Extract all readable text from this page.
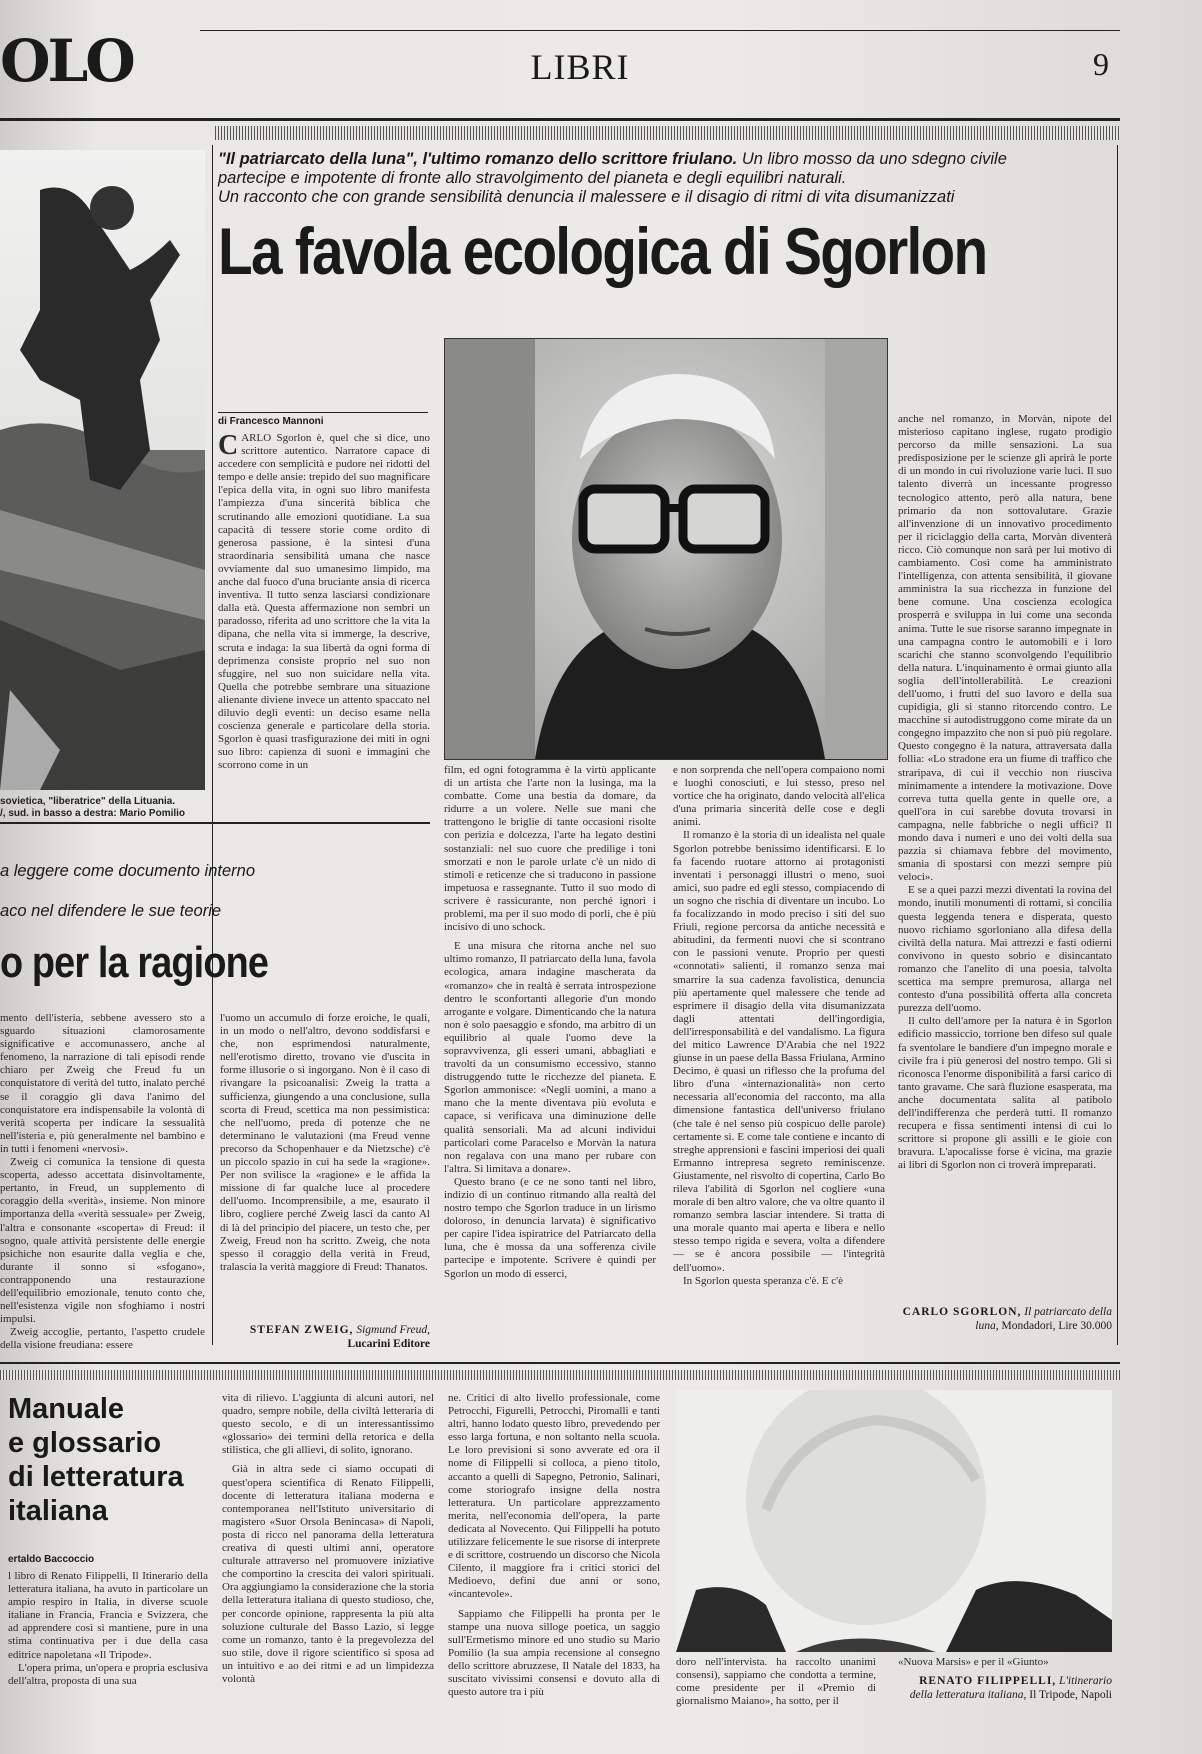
OLO	LIBRI	9
sovietica, "liberatrice" della Lituania.
/, sud. in basso a destra: Mario Pomilio
"Il patriarcato della luna", l'ultimo romanzo dello scrittore friulano. Un libro mosso da uno sdegno civile
partecipe e impotente di fronte allo stravolgimento del pianeta e degli equilibri naturali.
Un racconto che con grande sensibilità denuncia il malessere e il disagio di ritmi di vita disumanizzati
La favola ecologica di Sgorlon
di Francesco Mannoni

CARLO Sgorlon è, quel che si dice, uno scrittore autentico. Narratore capace di accedere con semplicità e pudore nei ridotti del tempo e delle ansie: trepido del suo magnificare l'epica della vita, in ogni suo libro manifesta l'ampiezza d'una sincerità biblica che scrutinando alle emozioni quotidiane. La sua capacità di tessere storie come ordito di generosa passione, è la sintesi d'una straordinaria sensibilità umana che nasce ovviamente dal suo umanesimo limpido, ma anche dal fuoco d'una bruciante ansia di ricerca inventiva. Il tutto senza lasciarsi condizionare dalla età. Questa affermazione non sembri un paradosso, riferita ad uno scrittore che la vita la dipana, che nella vita si immerge, la descrive, scruta e indaga: la sua libertà da ogni forma di deprimenza consiste proprio nel suo non sfuggire, nel suo non suicidare nella vita. Quella che potrebbe sembrare una situazione alienante diviene invece un attento spaccato nel diluvio degli eventi: un deciso esame nella coscienza generale e particolare della storia. Sgorlon è quasi trasfigurazione dei miti in ogni suo libro: capienza di suoni e immagini che scorrono come in un	film, ed ogni fotogramma è la virtù applicante di un artista che l'arte non la lusinga, ma la combatte. Come una bestia da domare, da ridurre a un volere. Nelle sue mani che trattengono le briglie di tante occasioni risolte con perizia e dolcezza, l'arte ha legato destini sostanziali: nel suo cuore che predilige i toni smorzati e non le parole urlate c'è un nido di stimoli e reticenze che si traducono in passione impetuosa e rassegnante. Tutto il suo modo di scrivere è rassicurante, non perché ignori i problemi, ma per il suo modo di porli, che è più incisivo di uno schock.

E una misura che ritorna anche nel suo ultimo romanzo, Il patriarcato della luna, favola ecologica, amara indagine mascherata da «romanzo» che in realtà è serrata introspezione dentro le sconfortanti allegorie d'un mondo arrogante e volgare. Dimenticando che la natura non è solo paesaggio e sfondo, ma arbitro di un equilibrio al quale l'uomo deve la sopravvivenza, gli esseri umani, abbagliati e travolti da un consumismo eccessivo, stanno distruggendo tutte le ricchezze del pianeta. E Sgorlon ammonisce: «Negli uomini, a mano a mano che la mente diventava più evoluta e capace, si verificava una diminuzione delle qualità sensoriali. Ma ad alcuni individui particolari come Paracelso e Morvàn la natura non regalava con una mano per rubare con l'altra. Si limitava a donare».

Questo brano (e ce ne sono tanti nel libro, indizio di un continuo ritmando alla realtà del nostro tempo che Sgorlon traduce in un lirismo doloroso, in denuncia larvata) è significativo per capire l'idea ispiratrice del Patriarcato della luna, che è mossa da una sofferenza civile partecipe e impotente. Scrivere è quindi per Sgorlon un modo di esserci,

e non sorprenda che nell'opera compaiono nomi e luoghi conosciuti, e lui stesso, preso nel vortice che ha originato, dando velocità all'elica d'una primaria sincerità delle cose e degli animi.

Il romanzo è la storia di un idealista nel quale Sgorlon potrebbe benissimo identificarsi. E lo fa facendo ruotare attorno ai protagonisti inventati i personaggi illustri o meno, suoi amici, suo padre ed egli stesso, compiacendo di un sogno che rischia di diventare un incubo. Lo fa focalizzando in modo preciso i siti del suo Friuli, regione percorsa da antiche necessità e abitudini, da fermenti nuovi che si scontrano con le passioni venute. Proprio per questi «connotati» salienti, il romanzo senza mai smarrire la sua cadenza favolistica, denuncia più apertamente quel malessere che tende ad esprimere il disagio della vita disumanizzata dagli attentati dell'ingordigia, dell'irresponsabilità e del vandalismo. La figura del mitico Lawrence D'Arabia che nel 1922 giunse in un paese della Bassa Friulana, Armino Decimo, è quasi un riflesso che la profuma del libro d'una «internazionalità» non certo necessaria all'economia del racconto, ma alla dimensione fantastica dell'universo friulano (che tale è nel senso più cospicuo delle parole) certamente sì. E come tale contiene e incanto di streghe apprensioni e fascini imperiosi dei quali Ermanno intrepresa segreto reminiscenze. Giustamente, nel risvolto di copertina, Carlo Bo rileva l'abilità di Sgorlon nel cogliere «una morale di ben altro valore, che va oltre quanto il romanzo sembra lasciar intendere. Si tratta di una morale quanto mai aperta e libera e nello stesso tempo rigida e severa, volta a difendere — se è ancora possibile — l'integrità dell'uomo».

In Sgorlon questa speranza c'è. E c'è

anche nel romanzo, in Morvàn, nipote del misterioso capitano inglese, rugato prodigio percorso da mille sensazioni. La sua predisposizione per le scienze gli aprirà le porte di un mondo in cui rivoluzione varie luci. Il suo talento diverrà un incessante progresso tecnologico attento, però alla natura, bene primario da non sottovalutare. Grazie all'invenzione di un innovativo procedimento per il riciclaggio della carta, Morvàn diventerà ricco. Ciò comunque non sarà per lui motivo di cambiamento. Così come ha amministrato l'intelligenza, con attenta sensibilità, il giovane amministra la sua ricchezza in funzione del bene comune. Una coscienza ecologica prosperrà e sviluppa in lui come una seconda anima. Tutte le sue risorse saranno impegnate in una campagna contro le automobili e i loro scarichi che stanno sconvolgendo l'equilibrio della natura. L'inquinamento è ormai giunto alla soglia dell'intollerabilità. Le creazioni dell'uomo, i frutti del suo lavoro e della sua cupidigia, gli si stanno ritorcendo contro. Le macchine si autodistruggono come mirate da un congegno impazzito che non si può più regolare. Questo congegno è la natura, attraversata dalla follia: «Lo stradone era un fiume di traffico che straripava, di cui il vecchio non riusciva minimamente a intendere la motivazione. Dove correva tutta quella gente in quelle ore, a quell'ora in cui sarebbe dovuta trovarsi in campagna, nelle fabbriche o negli uffici? Il mondo dava i numeri e uno dei volti della sua pazzia si chiamava febbre del movimento, smania di spostarsi con mezzi sempre più veloci».

E se a quei pazzi mezzi diventati la rovina del mondo, inutili monumenti di rottami, si concilia questa leggenda tenera e disperata, questo nuovo richiamo sgorloniano alla difesa della civiltà della natura. Mai attrezzi e fasti odierni convivono in questo sobrio e disincantato romanzo che l'anelito di una poesia, talvolta scettica ma sempre premurosa, allarga nel contesto d'una possibilità offerta alla concreta purezza dell'uomo.

Il culto dell'amore per la natura è in Sgorlon edificio massiccio, torrione ben difeso sul quale fa sventolare le bandiere d'un impegno morale e civile fra i più generosi del nostro tempo. Gli si riconosca l'enorme disponibilità a farsi carico di tanto gravame. Che sarà fluzione esasperata, ma anche documentata salita al patibolo dell'indifferenza che perderà tutti. Il romanzo recupera e fissa sentimenti intensi di cui lo scrittore si propone gli assilli e le gioie con bravura. L'apocalisse forse è vicina, ma grazie ai libri di Sgorlon non ci troverà impreparati.

CARLO SGORLON, Il patriarcato della luna, Mondadori, Lire 30.000
a leggere come documento interno
aco nel difendere le sue teorie
o per la ragione

mento dell'isteria, sebbene avessero sto a sguardo situazioni clamorosamente significative e accomunassero, anche al fenomeno, la narrazione di tali episodi rende chiaro per Zweig che Freud fu un conquistatore di verità del tutto, inalato perché se il coraggio gli dava l'animo del conquistatore era indispensabile la volontà di verità scoperta per indicare la sessualità nell'isteria e, più generalmente nel bambino e in tutti i fenomeni «nervosi».

Zweig ci comunica la tensione di questa scoperta, adesso accettata disinvoltamente, pertanto, in Freud, un supplemento di coraggio della «verità», insieme. Non minore importanza della «verità sessuale» per Zweig, l'altra e consonante «scoperta» di Freud: il sogno, quale attività persistente delle energie psichiche non esaurite dalla veglia e che, durante il sonno si «sfogano», contrapponendo una restaurazione dell'equilibrio emozionale, tenuto conto che, nell'esistenza vigile non sfoghiamo i nostri impulsi.

Zweig accoglie, pertanto, l'aspetto crudele della visione freudiana: essere

l'uomo un accumulo di forze eroiche, le quali, in un modo o nell'altro, devono soddisfarsi e che, non esprimendosi naturalmente, nell'erotismo diretto, trovano vie d'uscita in forme illusorie o si ingorgano. Non è il caso di rivangare la psicoanalisi: Zweig la tratta a sufficienza, giungendo a una conclusione, sulla scorta di Freud, scettica ma non pessimistica: che nell'uomo, preda di potenze che ne determinano le valutazioni (ma Freud venne precorso da Schopenhauer e da Nietzsche) c'è un piccolo spazio in cui ha sede la «ragione». Per non svilisce la «ragione» e le affida la missione di far qualche luce al procedere dell'uomo. Incomprensibile, a me, esaurato il libro, cogliere perché Zweig lasci da canto Al di là del principio del piacere, un testo che, per Zweig, Freud non ha scritto. Zweig, che nota spesso il coraggio della verità in Freud, tralascia la verità maggiore di Freud: Thanatos.

STEFAN ZWEIG, Sigmund Freud, Lucarini Editore
Manuale
e glossario
di letteratura
italiana
ertaldo Baccoccio

l libro di Renato Filippelli, Il Itinerario della letteratura italiana, ha avuto in particolare un ampio respiro in Italia, in diverse scuole italiane in Francia, Francia e Svizzera, che ad apprendere così si mantiene, pure in una stima continuativa per i due della casa editrice napoletana «Il Tripode».

L'opera prima, un'opera e propria esclusiva dell'altra, proposta di una sua

vita di rilievo. L'aggiunta di alcuni autori, nel quadro, sempre nobile, della civiltà letteraria di questo secolo, e di un interessantissimo «glossario» dei termini della retorica e della stilistica, che gli allievi, di solito, ignorano.

Già in altra sede ci siamo occupati di quest'opera scientifica di Renato Filippelli, docente di letteratura italiana moderna e contemporanea nell'Istituto universitario di magistero «Suor Orsola Benincasa» di Napoli, posta di ricco nel panorama della letteratura creativa di questi ultimi anni, operatore culturale attraverso nel promuovere iniziative che comportino la crescita dei valori spirituali. Ora aggiungiamo la considerazione che la storia della letteratura italiana di questo studioso, che, per concorde opinione, rappresenta la più alta soluzione culturale del Basso Lazio, si legge come un romanzo, tanto è la pregevolezza del suo stile, dove il rigore scientifico si sposa ad un intuitivo e ao dei ritmi e ad un limpidezza volontà

ne. Critici di alto livello professionale, come Petrocchi, Figurelli, Petrocchi, Piromalli e tanti altri, hanno lodato questo libro, prevedendo per esso larga fortuna, e non soltanto nella scuola. Le loro previsioni si sono avverate ed ora il nome di Filippelli si colloca, a pieno titolo, accanto a quelli di Sapegno, Petronio, Salinari, come storiografo insigne della nostra letteratura. Un particolare apprezzamento merita, nell'economia dell'opera, la parte dedicata al Novecento. Qui Filippelli ha potuto utilizzare felicemente le sue risorse di interprete e di scrittore, costruendo un discorso che Nicola Cilento, il maggiore fra i critici storici del Medioevo, definì due anni or sono, «incantevole».

Sappiamo che Filippelli ha pronta per le stampe una nuova silloge poetica, un saggio sull'Ermetismo minore ed uno studio su Mario Pomilio (la sua ampia recensione al consegno dello scrittore abruzzese, Il Natale del 1833, ha suscitato vivissimi consensi e dovuto alla di questo autore tra i più

doro nell'intervista. ha raccolto unanimi consensi), sappiamo che condotta a termine, come presidente per il «Premio di giornalismo Maiano», ha sotto, per il

«Nuova Marsis» e per il «Giunto»

RENATO FILIPPELLI, L'itinerario della letteratura italiana, Il Tripode, Napoli
